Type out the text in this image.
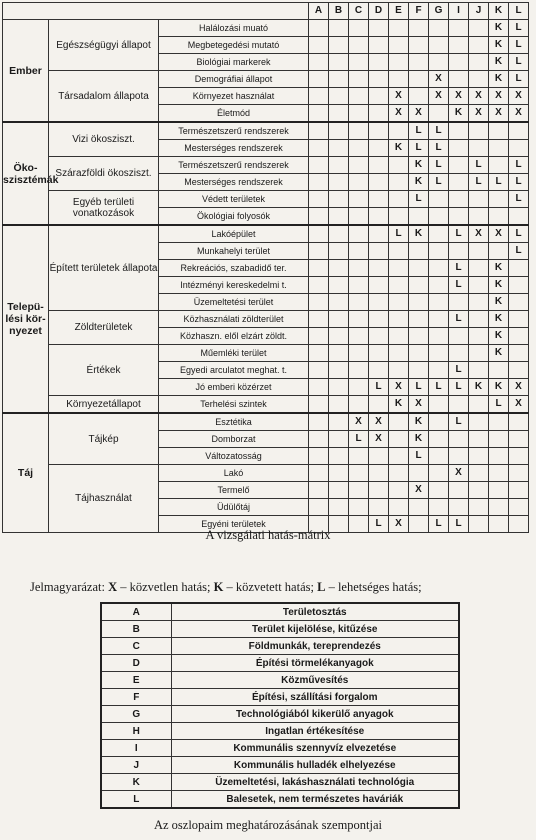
			A	B	C	D	E	F	G	I	J	K	L
Ember	Egészségügyi állapot	Halálozási muató										K	L
		Megbetegedési mutató										K	L
		Biológiai markerek										K	L
	Társadalom állapota	Demográfiai állapot							X			K	L
		Környezet használat					X		X	X	X	X	X
		Életmód					X	X		K	X	X	X
Öko-szisztémák	Vizi ökosziszt.	Természetszerű rendszerek						L	L				
		Mesterséges rendszerek					K	L	L				
	Szárazföldi ökosziszt.	Természetszerű rendszerek						K	L		L		L
		Mesterséges rendszerek						K	L		L	L	L
	Egyéb területi vonatkozások	Védett területek						L					L
		Ökológiai folyosók											
Telepü-lési kör-nyezet	Épített területek állapota	Lakóépület					L	K		L	X	X	L
		Munkahelyi terület											L
		Rekreációs, szabadidő ter.								L		K	
		Intézményi kereskedelmi t.								L		K	
		Üzemeltetési terület										K	
	Zöldterületek	Közhasználati zöldterület								L		K	
		Közhaszn. elől elzárt zöldt.										K	
	Értékek	Műemléki terület										K	
		Egyedi arculatot meghat. t.								L			
		Jó emberi közérzet				L	X	L	L	L	K	K	X
	Környezetállapot	Terhelési szintek					K	X				L	X
Táj	Tájkép	Esztétika			X	X		K		L			
		Domborzat			L	X		K					
		Változatosság						L					
	Tájhasználat	Lakó								X			
		Termelő						X					
		Üdülőtáj											
		Egyéni területek				L	X		L	L			
A vizsgálati hatás-mátrix
Jelmagyarázat: X – közvetlen hatás; K – közvetett hatás; L – lehetséges hatás;
A	Területosztás
B	Terület kijelölése, kitűzése
C	Földmunkák, tereprendezés
D	Építési törmelékanyagok
E	Közművesítés
F	Építési, szállítási forgalom
G	Technológiából kikerülő anyagok
H	Ingatlan értékesítése
I	Kommunális szennyvíz elvezetése
J	Kommunális hulladék elhelyezése
K	Üzemeltetési, lakáshasználati technológia
L	Balesetek, nem természetes haváriák
Az oszlopaim meghatározásának szempontjai
